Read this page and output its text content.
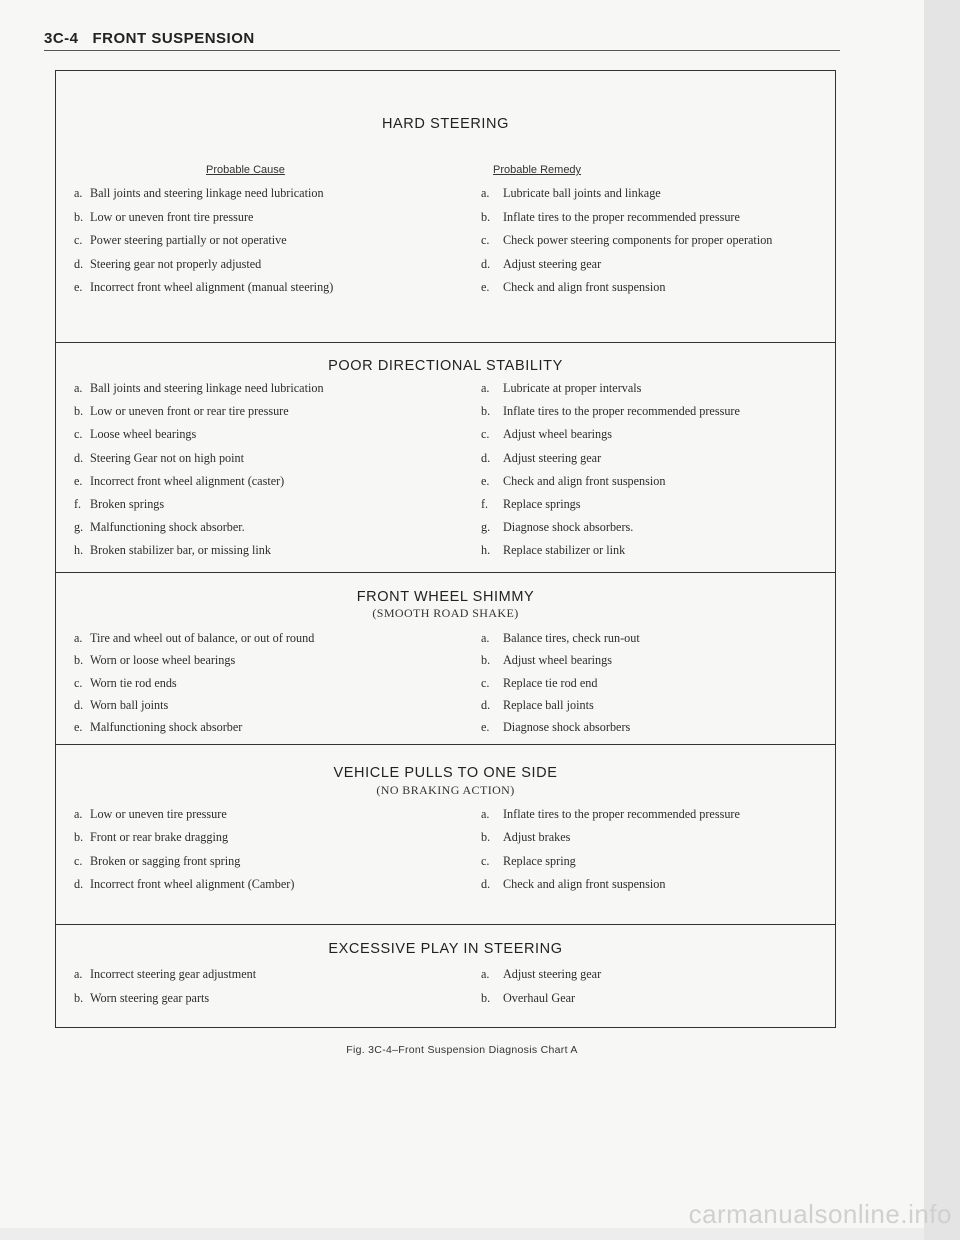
3C-4 FRONT SUSPENSION
HARD STEERING
Probable Cause	Probable Remedy
a. Ball joints and steering linkage need lubrication	a. Lubricate ball joints and linkage
b. Low or uneven front tire pressure	b. Inflate tires to the proper recommended pressure
c. Power steering partially or not operative	c. Check power steering components for proper operation
d. Steering gear not properly adjusted	d. Adjust steering gear
e. Incorrect front wheel alignment (manual steering)	e. Check and align front suspension
POOR DIRECTIONAL STABILITY
a. Ball joints and steering linkage need lubrication	a. Lubricate at proper intervals
b. Low or uneven front or rear tire pressure	b. Inflate tires to the proper recommended pressure
c. Loose wheel bearings	c. Adjust wheel bearings
d. Steering Gear not on high point	d. Adjust steering gear
e. Incorrect front wheel alignment (caster)	e. Check and align front suspension
f. Broken springs	f. Replace springs
g. Malfunctioning shock absorber.	g. Diagnose shock absorbers.
h. Broken stabilizer bar, or missing link	h. Replace stabilizer or link
FRONT WHEEL SHIMMY
(SMOOTH ROAD SHAKE)
a. Tire and wheel out of balance, or out of round	a. Balance tires, check run-out
b. Worn or loose wheel bearings	b. Adjust wheel bearings
c. Worn tie rod ends	c. Replace tie rod end
d. Worn ball joints	d. Replace ball joints
e. Malfunctioning shock absorber	e. Diagnose shock absorbers
VEHICLE PULLS TO ONE SIDE
(NO BRAKING ACTION)
a. Low or uneven tire pressure	a. Inflate tires to the proper recommended pressure
b. Front or rear brake dragging	b. Adjust brakes
c. Broken or sagging front spring	c. Replace spring
d. Incorrect front wheel alignment (Camber)	d. Check and align front suspension
EXCESSIVE PLAY IN STEERING
a. Incorrect steering gear adjustment	a. Adjust steering gear
b. Worn steering gear parts	b. Overhaul Gear
Fig. 3C-4–Front Suspension Diagnosis Chart A
carmanualsonline.info
